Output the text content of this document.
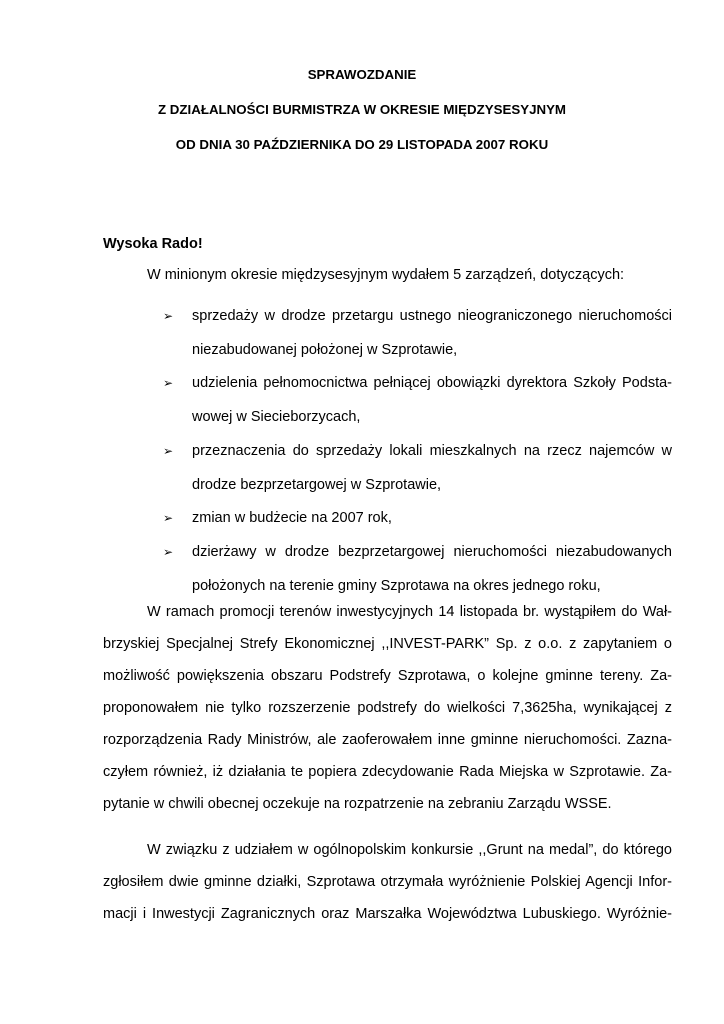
SPRAWOZDANIE
Z DZIAŁALNOŚCI BURMISTRZA W OKRESIE MIĘDZYSESYJNYM
OD DNIA 30 PAŹDZIERNIKA DO 29 LISTOPADA 2007 ROKU
Wysoka Rado!
W minionym okresie międzysesyjnym wydałem 5 zarządzeń, dotyczących:
➢ sprzedaży w drodze przetargu ustnego nieograniczonego nieruchomości niezabudowanej położonej w Szprotawie,
➢ udzielenia pełnomocnictwa pełniącej obowiązki dyrektora Szkoły Podsta-wowej w Siecieborzycach,
➢ przeznaczenia do sprzedaży lokali mieszkalnych na rzecz najemców w drodze bezprzetargowej w Szprotawie,
➢ zmian w budżecie na 2007 rok,
➢ dzierżawy w drodze bezprzetargowej nieruchomości niezabudowanych położonych na terenie gminy Szprotawa na okres jednego roku,
W ramach promocji terenów inwestycyjnych 14 listopada br. wystąpiłem do Wał-
brzyskiej Specjalnej Strefy Ekonomicznej ,,INVEST-PARK” Sp. z o.o. z zapytaniem o
możliwość powiększenia obszaru Podstrefy Szprotawa, o kolejne gminne tereny. Za-
proponowałem nie tylko rozszerzenie podstrefy do wielkości 7,3625ha, wynikającej z
rozporządzenia Rady Ministrów, ale zaoferowałem inne gminne nieruchomości. Zazna-
czyłem również, iż działania te popiera zdecydowanie Rada Miejska w Szprotawie. Za-
pytanie w chwili obecnej oczekuje na rozpatrzenie na zebraniu Zarządu WSSE.
W związku z udziałem w ogólnopolskim konkursie ,,Grunt na medal”, do którego
zgłosiłem dwie gminne działki, Szprotawa otrzymała wyróżnienie Polskiej Agencji Infor-
macji i Inwestycji Zagranicznych oraz Marszałka Województwa Lubuskiego. Wyróżnie-
